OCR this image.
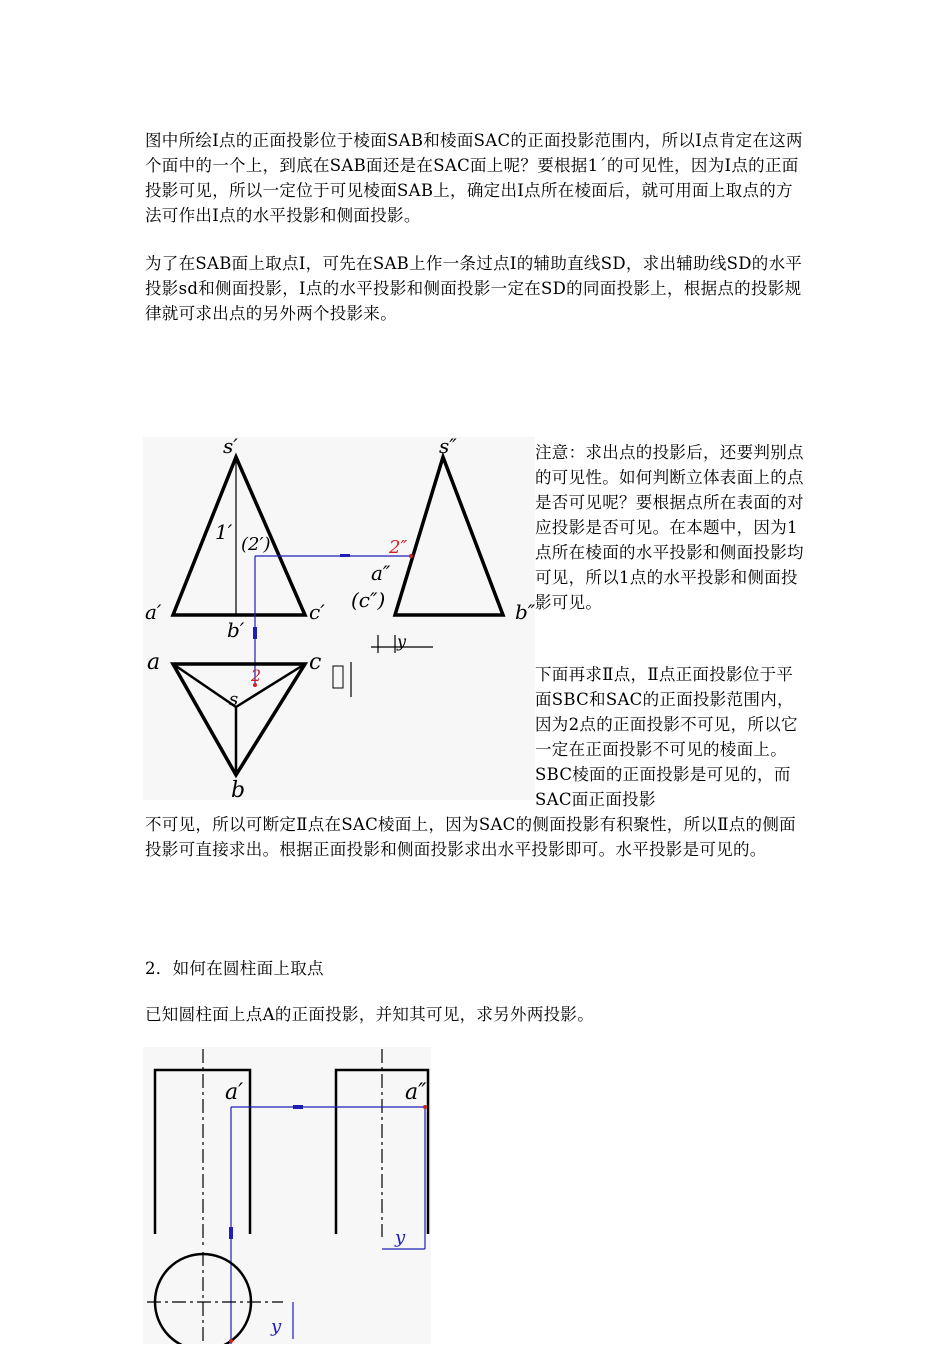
图中所绘Ⅰ点的正面投影位于棱面SAB和棱面SAC的正面投影范围内，所以Ⅰ点肯定在这两个面中的一个上，到底在SAB面还是在SAC面上呢？要根据1´的可见性，因为Ⅰ点的正面投影可见，所以一定位于可见棱面SAB上，确定出Ⅰ点所在棱面后，就可用面上取点的方法可作出Ⅰ点的水平投影和侧面投影。

为了在SAB面上取点Ⅰ，可先在SAB上作一条过点Ⅰ的辅助直线SD，求出辅助线SD的水平投影sd和侧面投影，Ⅰ点的水平投影和侧面投影一定在SD的同面投影上，根据点的投影规律就可求出点的另外两个投影来。

s′	s″
1′
(2′)	2″
a′
b′
c′
a″
(c″)	b″
y
a	c
s
2
b

注意：求出点的投影后，还要判别点的可见性。如何判断立体表面上的点是否可见呢？要根据点所在表面的对应投影是否可见。在本题中，因为1点所在棱面的水平投影和侧面投影均可见，所以1点的水平投影和侧面投影可见。

下面再求Ⅱ点，Ⅱ点正面投影位于平面SBC和SAC的正面投影范围内，因为2点的正面投影不可见，所以它一定在正面投影不可见的棱面上。SBC棱面的正面投影是可见的，而SAC面正面投影

不可见，所以可断定Ⅱ点在SAC棱面上，因为SAC的侧面投影有积聚性，所以Ⅱ点的侧面投影可直接求出。根据正面投影和侧面投影求出水平投影即可。水平投影是可见的。

2．如何在圆柱面上取点

已知圆柱面上点A的正面投影，并知其可见，求另外两投影。

y
y
a′	a″
